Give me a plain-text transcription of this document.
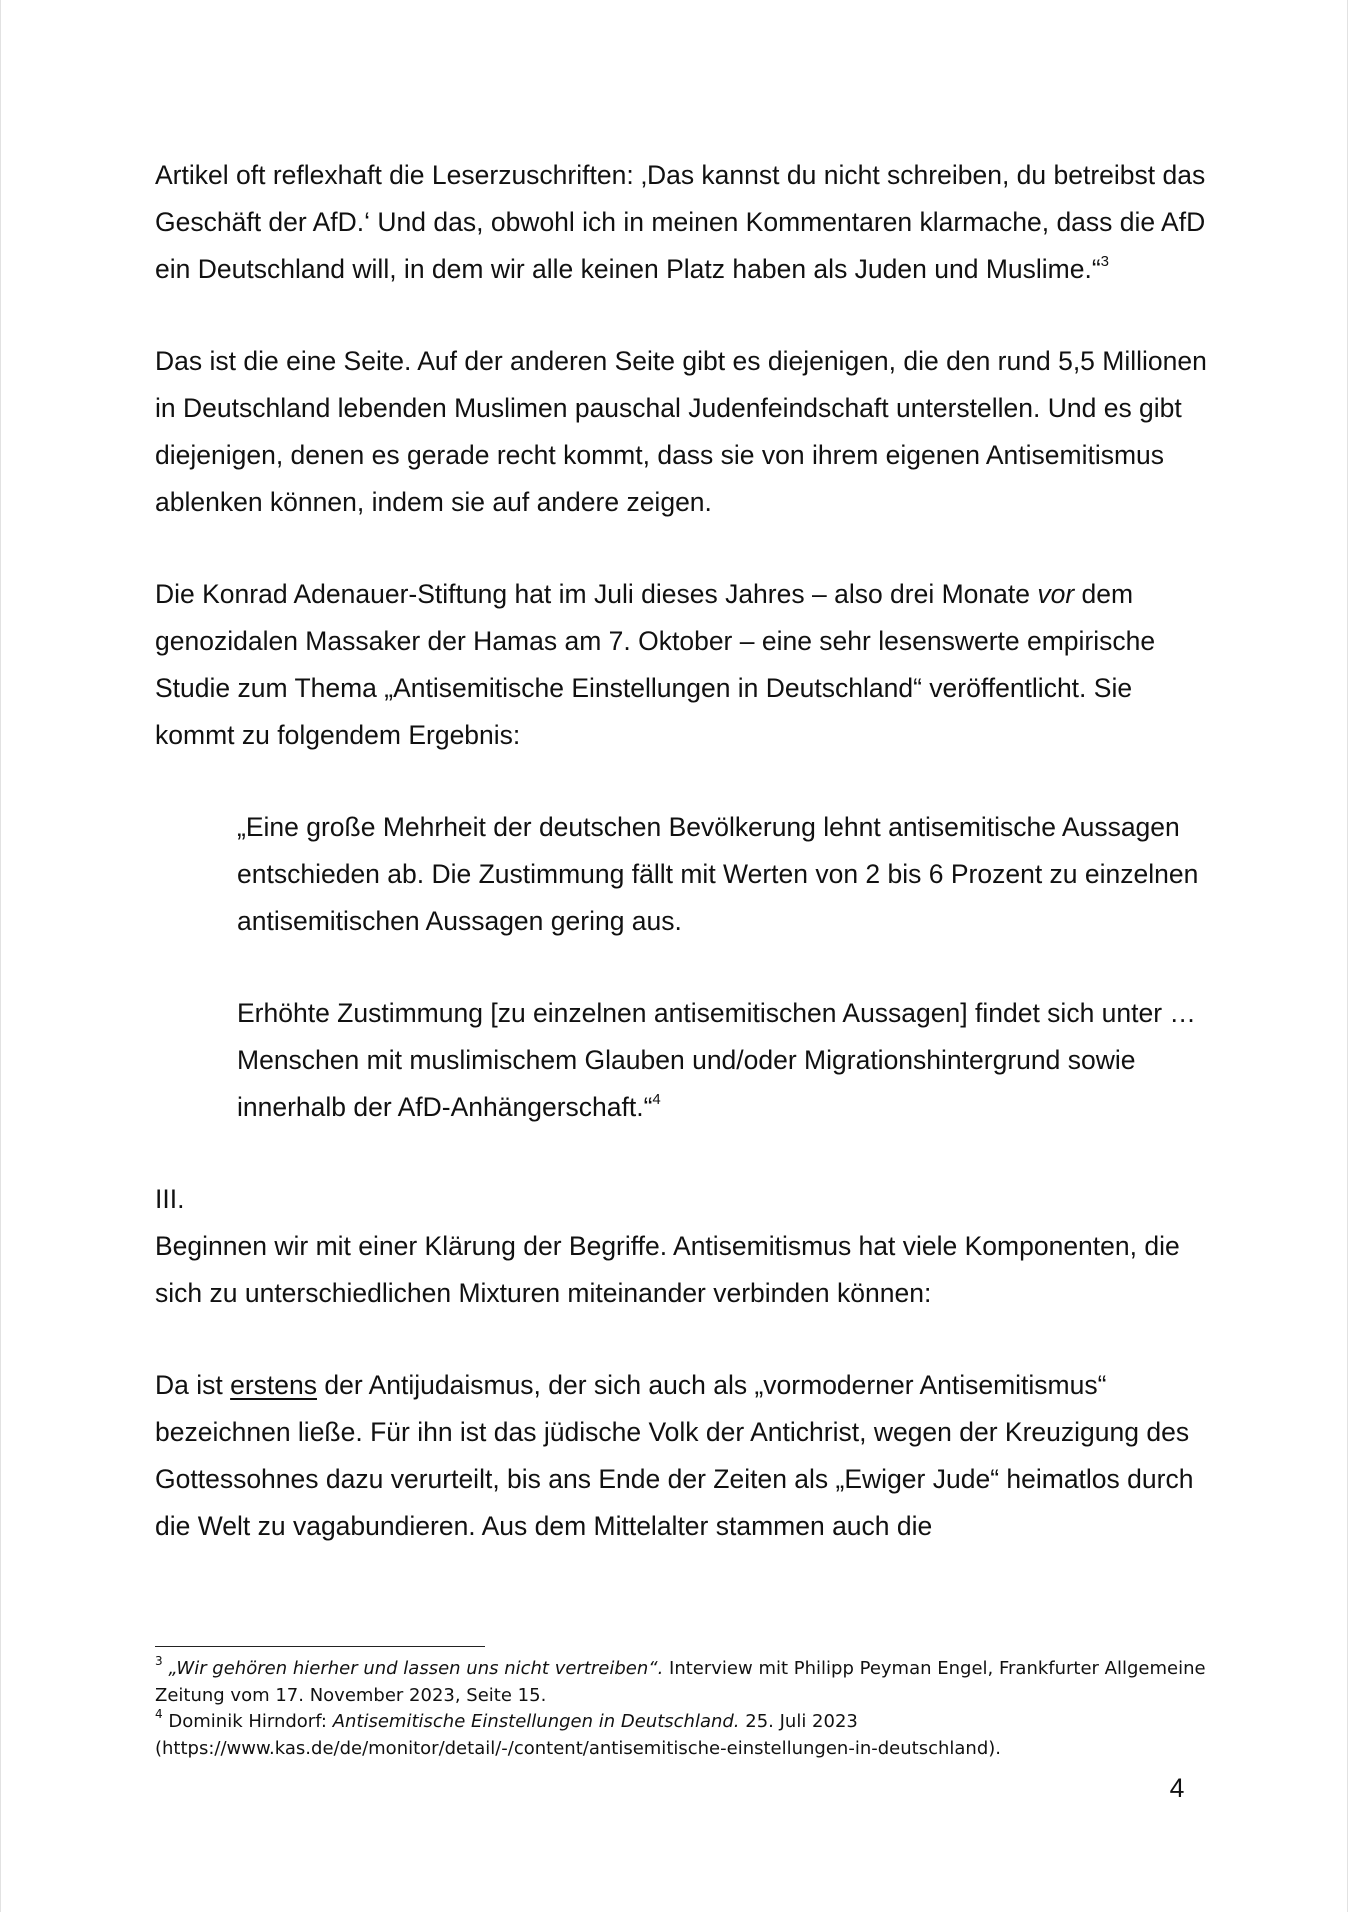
Artikel oft reflexhaft die Leserzuschriften: ‚Das kannst du nicht schreiben, du betreibst das Geschäft der AfD.‘ Und das, obwohl ich in meinen Kommentaren klarmache, dass die AfD ein Deutschland will, in dem wir alle keinen Platz haben als Juden und Muslime.“$^3$

Das ist die eine Seite. Auf der anderen Seite gibt es diejenigen, die den rund 5,5 Millionen in Deutschland lebenden Muslimen pauschal Judenfeindschaft unterstellen. Und es gibt diejenigen, denen es gerade recht kommt, dass sie von ihrem eigenen Antisemitismus ablenken können, indem sie auf andere zeigen.

Die Konrad Adenauer-Stiftung hat im Juli dieses Jahres – also drei Monate vor dem genozidalen Massaker der Hamas am 7. Oktober – eine sehr lesenswerte empirische Studie zum Thema „Antisemitische Einstellungen in Deutschland“ veröffentlicht. Sie kommt zu folgendem Ergebnis:

„Eine große Mehrheit der deutschen Bevölkerung lehnt antisemitische Aussagen entschieden ab. Die Zustimmung fällt mit Werten von 2 bis 6 Prozent zu einzelnen antisemitischen Aussagen gering aus.

Erhöhte Zustimmung [zu einzelnen antisemitischen Aussagen] findet sich unter … Menschen mit muslimischem Glauben und/oder Migrationshintergrund sowie innerhalb der AfD-Anhängerschaft.“$^4$

III.

Beginnen wir mit einer Klärung der Begriffe. Antisemitismus hat viele Komponenten, die sich zu unterschiedlichen Mixturen miteinander verbinden können:

Da ist erstens der Antijudaismus, der sich auch als „vormoderner Antisemitismus“ bezeichnen ließe. Für ihn ist das jüdische Volk der Antichrist, wegen der Kreuzigung des Gottessohnes dazu verurteilt, bis ans Ende der Zeiten als „Ewiger Jude“ heimatlos durch die Welt zu vagabundieren. Aus dem Mittelalter stammen auch die

$^3$ „Wir gehören hierher und lassen uns nicht vertreiben“. Interview mit Philipp Peyman Engel, Frankfurter Allgemeine Zeitung vom 17. November 2023, Seite 15.

$^4$ Dominik Hirndorf: Antisemitische Einstellungen in Deutschland. 25. Juli 2023 (https://www.kas.de/de/monitor/detail/-/content/antisemitische-einstellungen-in-deutschland).

4
